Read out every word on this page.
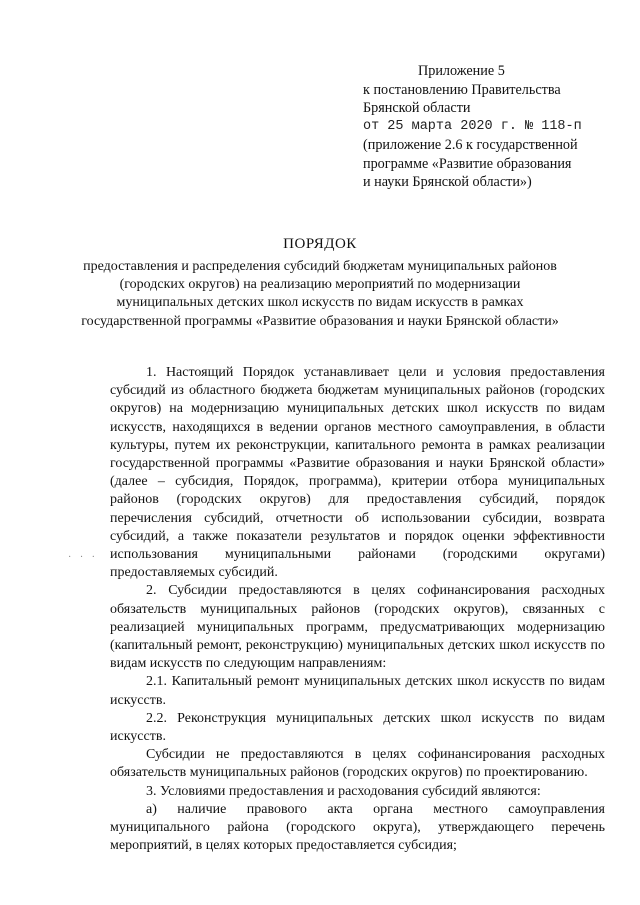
Приложение 5
к постановлению Правительства
Брянской области
от 25 марта 2020 г. № 118-п
(приложение 2.6 к государственной
программе «Развитие образования
и науки Брянской области»)
ПОРЯДОК
предоставления и распределения субсидий бюджетам муниципальных районов (городских округов) на реализацию мероприятий по модернизации муниципальных детских школ искусств по видам искусств в рамках государственной программы «Развитие образования и науки Брянской области»
· · ·

1. Настоящий Порядок устанавливает цели и условия предоставления субсидий из областного бюджета бюджетам муниципальных районов (городских округов) на модернизацию муниципальных детских школ искусств по видам искусств, находящихся в ведении органов местного самоуправления, в области культуры, путем их реконструкции, капитального ремонта в рамках реализации государственной программы «Развитие образования и науки Брянской области» (далее – субсидия, Порядок, программа), критерии отбора муниципальных районов (городских округов) для предоставления субсидий, порядок перечисления субсидий, отчетности об использовании субсидии, возврата субсидий, а также показатели результатов и порядок оценки эффективности использования муниципальными районами (городскими округами) предоставляемых субсидий.

2. Субсидии предоставляются в целях софинансирования расходных обязательств муниципальных районов (городских округов), связанных с реализацией муниципальных программ, предусматривающих модернизацию (капитальный ремонт, реконструкцию) муниципальных детских школ искусств по видам искусств по следующим направлениям:

2.1. Капитальный ремонт муниципальных детских школ искусств по видам искусств.

2.2. Реконструкция муниципальных детских школ искусств по видам искусств.

Субсидии не предоставляются в целях софинансирования расходных обязательств муниципальных районов (городских округов) по проектированию.

3. Условиями предоставления и расходования субсидий являются:

а) наличие правового акта органа местного самоуправления муниципального района (городского округа), утверждающего перечень мероприятий, в целях которых предоставляется субсидия;
